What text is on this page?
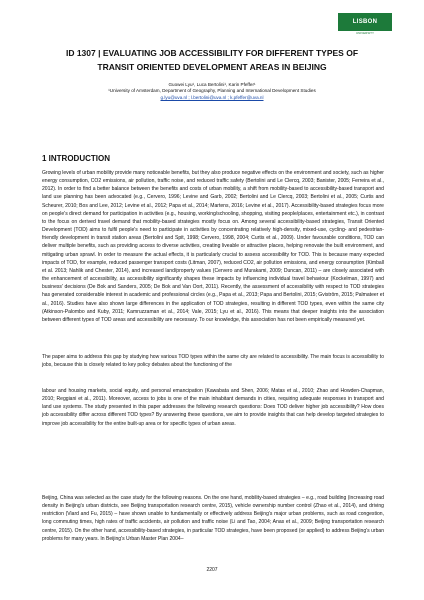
LISBON
UNIVERSITY
ID 1307 | EVALUATING JOB ACCESSIBILITY FOR DIFFERENT TYPES OF
TRANSIT ORIENTED DEVELOPMENT AREAS IN BEIJING
Guowei Lyu¹, Luca Bertolini¹, Karin Pfeffer¹
¹University of Amsterdam, Department of Geography, Planning and International Development Studies
g.lyu@uva.nl ; l.bertolini@uva.nl ; k.pfeffer@uva.nl
1 INTRODUCTION
Growing levels of urban mobility provide many noticeable benefits, but they also produce negative effects on the environment and society, such as higher energy consumption, CO2 emissions, air pollution, traffic noise, and reduced traffic safety (Bertolini and Le Clercq, 2003; Banister, 2005; Ferreira et al., 2012). In order to find a better balance between the benefits and costs of urban mobility, a shift from mobility-based to accessibility-based transport and land use planning has been advocated (e.g., Cervero, 1996; Levine and Garb, 2002; Bertolini and Le Clercq, 2003; Bertolini et al., 2005; Curtis and Scheurer, 2010; Bos and Lee, 2012; Levine et al., 2012; Papa et al., 2014; Martens, 2016; Levine et al., 2017). Accessibility-based strategies focus more on people's direct demand for participation in activities (e.g., housing, working/schooling, shopping, visiting people/places, entertainment etc.), in contrast to the focus on derived travel demand that mobility-based strategies mostly focus on. Among several accessibility-based strategies, Transit Oriented Development (TOD) aims to fulfil people's need to participate in activities by concentrating relatively high-density, mixed-use, cycling- and pedestrian-friendly development in transit station areas (Bertolini and Spit, 1998; Cervero, 1998, 2004; Curtis et al., 2009). Under favourable conditions, TOD can deliver multiple benefits, such as providing access to diverse activities, creating liveable or attractive places, helping renovate the built environment, and mitigating urban sprawl. In order to measure the actual effects, it is particularly crucial to assess accessibility for TOD. This is because many expected impacts of TOD, for example, reduced passenger transport costs (Litman, 2007), reduced CO2, air pollution emissions, and energy consumption (Kimball et al. 2013; Nahlik and Chester, 2014), and increased land/property values (Cervero and Murakami, 2009; Duncan, 2011) – are closely associated with the enhancement of accessibility, as accessibility significantly shapes these impacts by influencing individual travel behaviour (Kockelman, 1997) and business' decisions (De Bok and Sanders, 2005; De Bok and Van Oort, 2011). Recently, the assessment of accessibility with respect to TOD strategies has generated considerable interest in academic and professional circles (e.g., Papa et al., 2013; Papa and Bertolini, 2015; Gvistrōm, 2015; Palmateer et al., 2016). Studies have also shown large differences in the application of TOD strategies, resulting in different TOD types, even within the same city (Atkinson-Palombo and Kuby, 2011; Kamruzzaman et al., 2014; Vale, 2015; Lyu et al., 2016). This means that deeper insights into the association between different types of TOD areas and accessibility are necessary. To our knowledge, this association has not been empirically measured yet.
The paper aims to address this gap by studying how various TOD types within the same city are related to accessibility. The main focus is accessibility to jobs, because this is closely related to key policy debates about the functioning of the
labour and housing markets, social equity, and personal emancipation (Kawabata and Shen, 2006; Matas et al., 2010; Zhao and Howden-Chapman, 2010; Reggiani et al., 2011). Moreover, access to jobs is one of the main inhabitant demands in cities, requiring adequate responses in transport and land use systems. The study presented in this paper addresses the following research questions: Does TOD deliver higher job accessibility? How does job accessibility differ across different TOD types? By answering these questions, we aim to provide insights that can help develop targeted strategies to improve job accessibility for the entire built-up area or for specific types of urban areas.
Beijing, China was selected as the case study for the following reasons. On the one hand, mobility-based strategies – e.g., road building (increasing road density in Beijing's urban districts, see Beijing transportation research centre, 2015), vehicle ownership number control (Zhao et al., 2014), and driving restriction (Viard and Fu, 2015) – have shown unable to fundamentally or effectively address Beijing's major urban problems, such as road congestion, long commuting times, high rates of traffic accidents, air pollution and traffic noise (Li and Tao, 2004; Anas et al., 2009; Beijing transportation research centre, 2015). On the other hand, accessibility-based strategies, in particular TOD strategies, have been proposed (or applied) to address Beijing's urban problems for many years. In Beijing's Urban Master Plan 2004–
2207
